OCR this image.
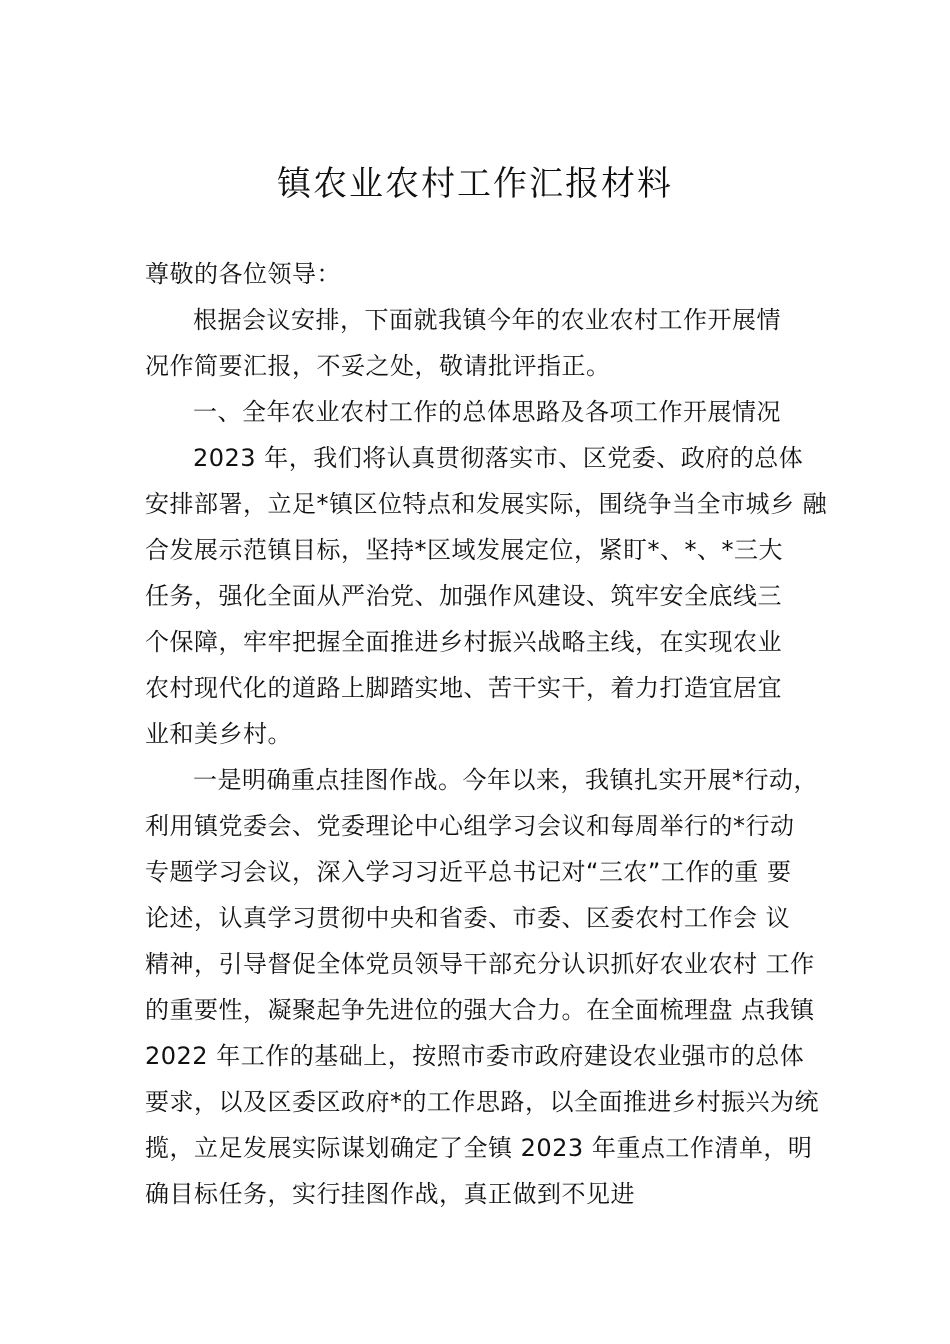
镇农业农村工作汇报材料
尊敬的各位领导：
根据会议安排，下面就我镇今年的农业农村工作开展情
况作简要汇报，不妥之处，敬请批评指正。
一、全年农业农村工作的总体思路及各项工作开展情况
2023 年，我们将认真贯彻落实市、区党委、政府的总体
安排部署，立足*镇区位特点和发展实际，围绕争当全市城乡 融
合发展示范镇目标，坚持*区域发展定位，紧盯*、*、*三大
任务，强化全面从严治党、加强作风建设、筑牢安全底线三
个保障，牢牢把握全面推进乡村振兴战略主线，在实现农业
农村现代化的道路上脚踏实地、苦干实干，着力打造宜居宜
业和美乡村。
一是明确重点挂图作战。今年以来，我镇扎实开展*行动，
利用镇党委会、党委理论中心组学习会议和每周举行的*行动
专题学习会议，深入学习习近平总书记对“三农”工作的重 要
论述，认真学习贯彻中央和省委、市委、区委农村工作会 议
精神，引导督促全体党员领导干部充分认识抓好农业农村 工作
的重要性，凝聚起争先进位的强大合力。在全面梳理盘 点我镇
2022 年工作的基础上，按照市委市政府建设农业强市的总体
要求，以及区委区政府*的工作思路，以全面推进乡村振兴为统
揽，立足发展实际谋划确定了全镇 2023 年重点工作清单，明
确目标任务，实行挂图作战，真正做到不见进
